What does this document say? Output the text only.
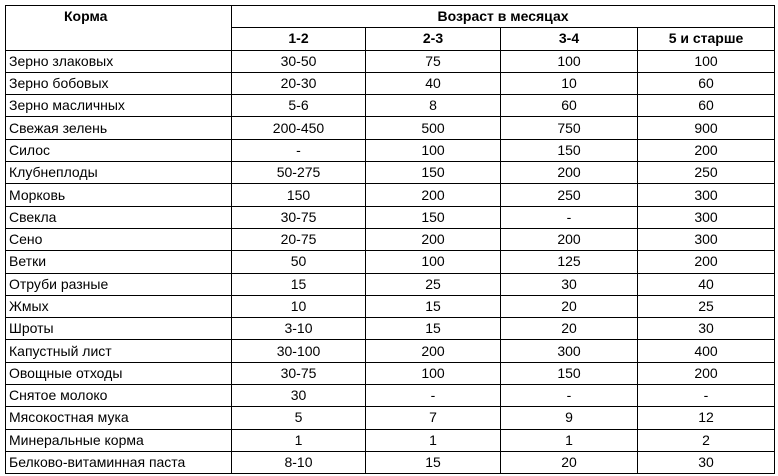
Корма	Возраст в месяцах			
	1-2	2-3	3-4	5 и старше
Зерно злаковых	30-50	75	100	100
Зерно бобовых	20-30	40	10	60
Зерно масличных	5-6	8	60	60
Свежая зелень	200-450	500	750	900
Силос	-	100	150	200
Клубнеплоды	50-275	150	200	250
Морковь	150	200	250	300
Свекла	30-75	150	-	300
Сено	20-75	200	200	300
Ветки	50	100	125	200
Отруби разные	15	25	30	40
Жмых	10	15	20	25
Шроты	3-10	15	20	30
Капустный лист	30-100	200	300	400
Овощные отходы	30-75	100	150	200
Снятое молоко	30	-	-	-
Мясокостная мука	5	7	9	12
Минеральные корма	1	1	1	2
Белково-витаминная паста	8-10	15	20	30
